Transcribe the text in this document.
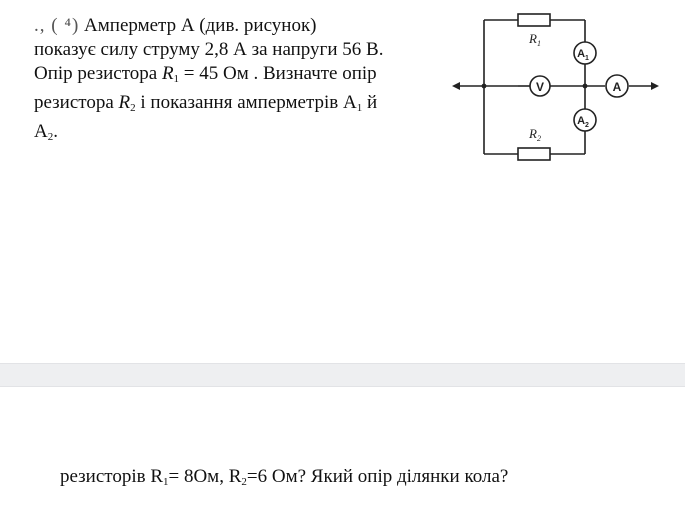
., ( ⁴) Амперметр А (див. рисунок)
показує силу струму 2,8 А за напруги 56 В.
Опір резистора $R_1 = 45$ Ом . Визначте опір
резистора $R_2$ і показання амперметрів $А_1$ й
$А_2$.
$R_1$
$R_2$
V
$A_1$
$A_2$
A
резисторів $R_1= 8Ом$, $R_2=6$ Ом? Який опір ділянки кола?
